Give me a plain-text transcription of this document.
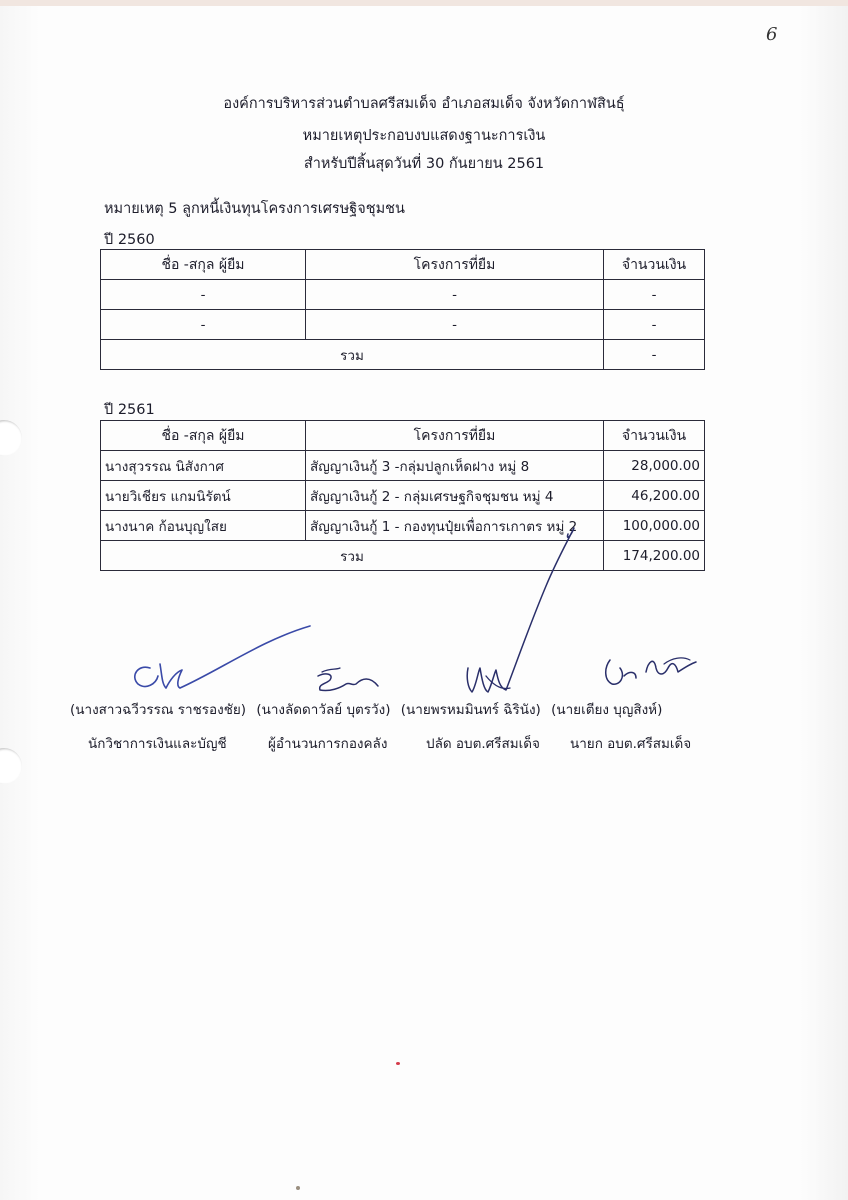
6
องค์การบริหารส่วนตำบลศรีสมเด็จ อำเภอสมเด็จ จังหวัดกาฬสินธุ์
หมายเหตุประกอบงบแสดงฐานะการเงิน
สำหรับปีสิ้นสุดวันที่ 30 กันยายน 2561
หมายเหตุ 5 ลูกหนี้เงินทุนโครงการเศรษฐิจชุมชน
ปี 2560
ชื่อ -สกุล ผู้ยืม	โครงการที่ยืม	จำนวนเงิน
-	-	-
-	-	-
รวม		-
ปี 2561
ชื่อ -สกุล ผู้ยืม	โครงการที่ยืม	จำนวนเงิน
นางสุวรรณ นิสังกาศ	สัญญาเงินกู้ 3 -กลุ่มปลูกเห็ดฝาง หมู่ 8	28,000.00
นายวิเชียร แกมนิรัตน์	สัญญาเงินกู้ 2 - กลุ่มเศรษฐกิจชุมชน หมู่ 4	46,200.00
นางนาค ก้อนบุญใสย	สัญญาเงินกู้ 1 - กองทุนปุ๋ยเพื่อการเกาตร หมู่ 2	100,000.00
รวม		174,200.00
(นางสาวฉวีวรรณ ราชรองชัย) (นางลัดดาวัลย์ บุตรวัง) (นายพรหมมินทร์ ฉิรินัง) (นายเตียง บุญสิงห์)
นักวิชาการเงินและบัญชี	ผู้อำนวนการกองคลัง	ปลัด อบต.ศรีสมเด็จ นายก อบต.ศรีสมเด็จ
